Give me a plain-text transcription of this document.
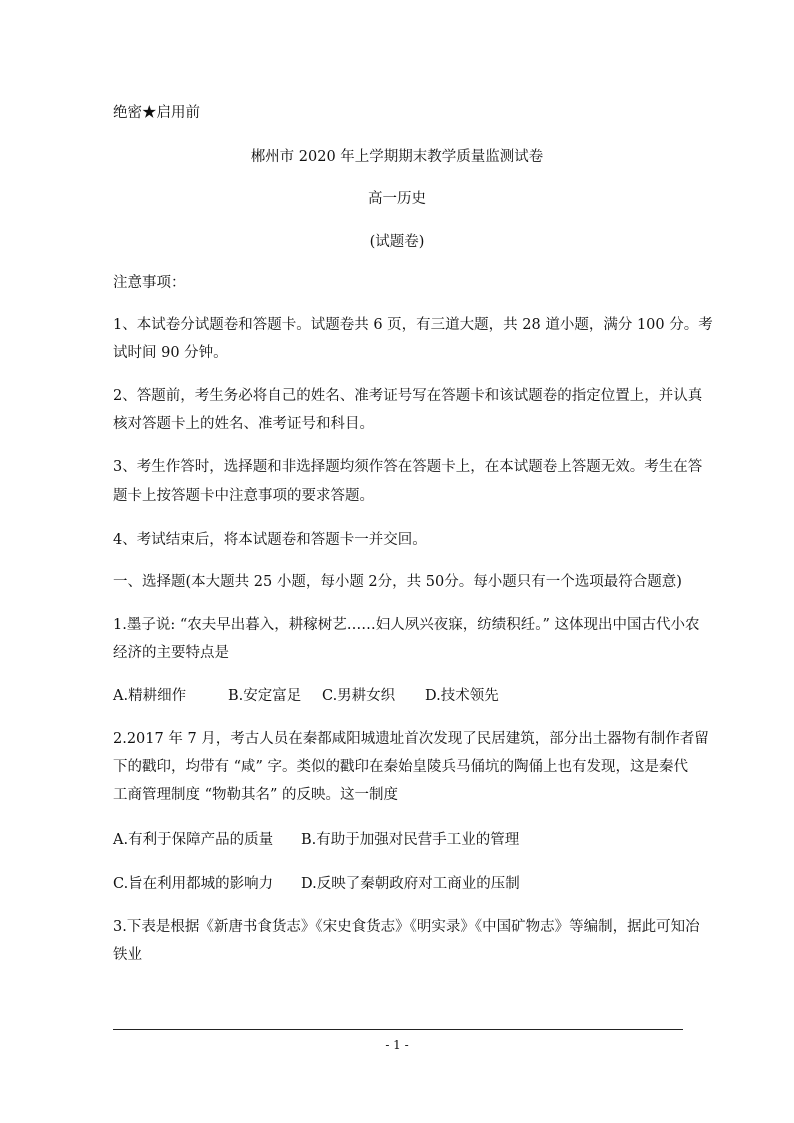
绝密★启用前
郴州市 2020 年上学期期末教学质量监测试卷
高一历史
(试题卷)
注意事项：
1、本试卷分试题卷和答题卡。试题卷共 6 页，有三道大题，共 28 道小题，满分 100 分。考
试时间 90 分钟。
2、答题前，考生务必将自己的姓名、准考证号写在答题卡和该试题卷的指定位置上，并认真
核对答题卡上的姓名、准考证号和科目。
3、考生作答时，选择题和非选择题均须作答在答题卡上，在本试题卷上答题无效。考生在答
题卡上按答题卡中注意事项的要求答题。
4、考试结束后，将本试题卷和答题卡一并交回。
一、选择题(本大题共 25 小题，每小题 2分，共 50分。每小题只有一个选项最符合题意)
1.墨子说: “农夫早出暮入，耕稼树艺……妇人夙兴夜寐，纺绩积纴。” 这体现出中国古代小农
经济的主要特点是
A.精耕细作	B.安定富足 C.男耕女织 D.技术领先
2.2017 年 7 月，考古人员在秦都咸阳城遗址首次发现了民居建筑，部分出土器物有制作者留
下的戳印，均带有 “咸” 字。类似的戳印在秦始皇陵兵马俑坑的陶俑上也有发现，这是秦代
工商管理制度 “物勒其名” 的反映。这一制度
A.有利于保障产品的质量 B.有助于加强对民营手工业的管理
C.旨在利用都城的影响力 D.反映了秦朝政府对工商业的压制
3.下表是根据《新唐书食货志》《宋史食货志》《明实录》《中国矿物志》等编制，据此可知冶
铁业
- 1 -
